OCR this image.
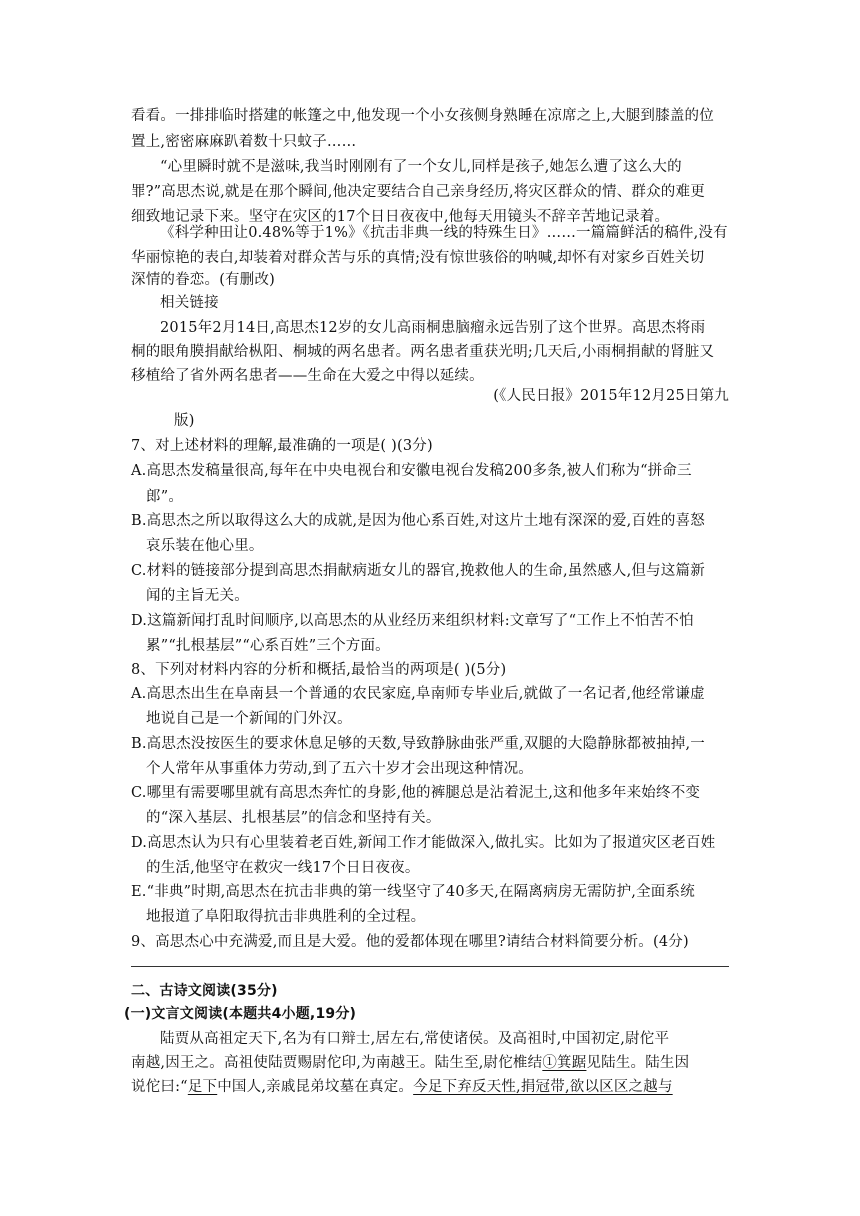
看看。一排排临时搭建的帐篷之中,他发现一个小女孩侧身熟睡在凉席之上,大腿到膝盖的位
置上,密密麻麻趴着数十只蚊子……
“心里瞬时就不是滋味,我当时刚刚有了一个女儿,同样是孩子,她怎么遭了这么大的
罪?”高思杰说,就是在那个瞬间,他决定要结合自己亲身经历,将灾区群众的情、群众的难更
细致地记录下来。坚守在灾区的17个日日夜夜中,他每天用镜头不辞辛苦地记录着。
《科学种田让0.48%等于1%》《抗击非典一线的特殊生日》……一篇篇鲜活的稿件,没有
华丽惊艳的表白,却装着对群众苦与乐的真情;没有惊世骇俗的呐喊,却怀有对家乡百姓关切
深情的眷恋。(有删改)
相关链接
2015年2月14日,高思杰12岁的女儿高雨桐患脑瘤永远告别了这个世界。高思杰将雨
桐的眼角膜捐献给枞阳、桐城的两名患者。两名患者重获光明;几天后,小雨桐捐献的肾脏又
移植给了省外两名患者——生命在大爱之中得以延续。
(《人民日报》2015年12月25日第九
版)
7、对上述材料的理解,最准确的一项是( )(3分)
A.高思杰发稿量很高,每年在中央电视台和安徽电视台发稿200多条,被人们称为“拼命三
郎”。
B.高思杰之所以取得这么大的成就,是因为他心系百姓,对这片土地有深深的爱,百姓的喜怒
哀乐装在他心里。
C.材料的链接部分提到高思杰捐献病逝女儿的器官,挽救他人的生命,虽然感人,但与这篇新
闻的主旨无关。
D.这篇新闻打乱时间顺序,以高思杰的从业经历来组织材料:文章写了“工作上不怕苦不怕
累”“扎根基层”“心系百姓”三个方面。
8、下列对材料内容的分析和概括,最恰当的两项是( )(5分)
A.高思杰出生在阜南县一个普通的农民家庭,阜南师专毕业后,就做了一名记者,他经常谦虚
地说自己是一个新闻的门外汉。
B.高思杰没按医生的要求休息足够的天数,导致静脉曲张严重,双腿的大隐静脉都被抽掉,一
个人常年从事重体力劳动,到了五六十岁才会出现这种情况。
C.哪里有需要哪里就有高思杰奔忙的身影,他的裤腿总是沾着泥土,这和他多年来始终不变
的“深入基层、扎根基层”的信念和坚持有关。
D.高思杰认为只有心里装着老百姓,新闻工作才能做深入,做扎实。比如为了报道灾区老百姓
的生活,他坚守在救灾一线17个日日夜夜。
E.“非典”时期,高思杰在抗击非典的第一线坚守了40多天,在隔离病房无需防护,全面系统
地报道了阜阳取得抗击非典胜利的全过程。
9、高思杰心中充满爱,而且是大爱。他的爱都体现在哪里?请结合材料简要分析。(4分)
二、古诗文阅读(35分)
(一)文言文阅读(本题共4小题,19分)
陆贾从高祖定天下,名为有口辩士,居左右,常使诸侯。及高祖时,中国初定,尉佗平
南越,因王之。高祖使陆贾赐尉佗印,为南越王。陆生至,尉佗椎结①箕踞见陆生。陆生因
说佗曰:“足下中国人,亲戚昆弟坟墓在真定。今足下弃反天性,捐冠带,欲以区区之越与
